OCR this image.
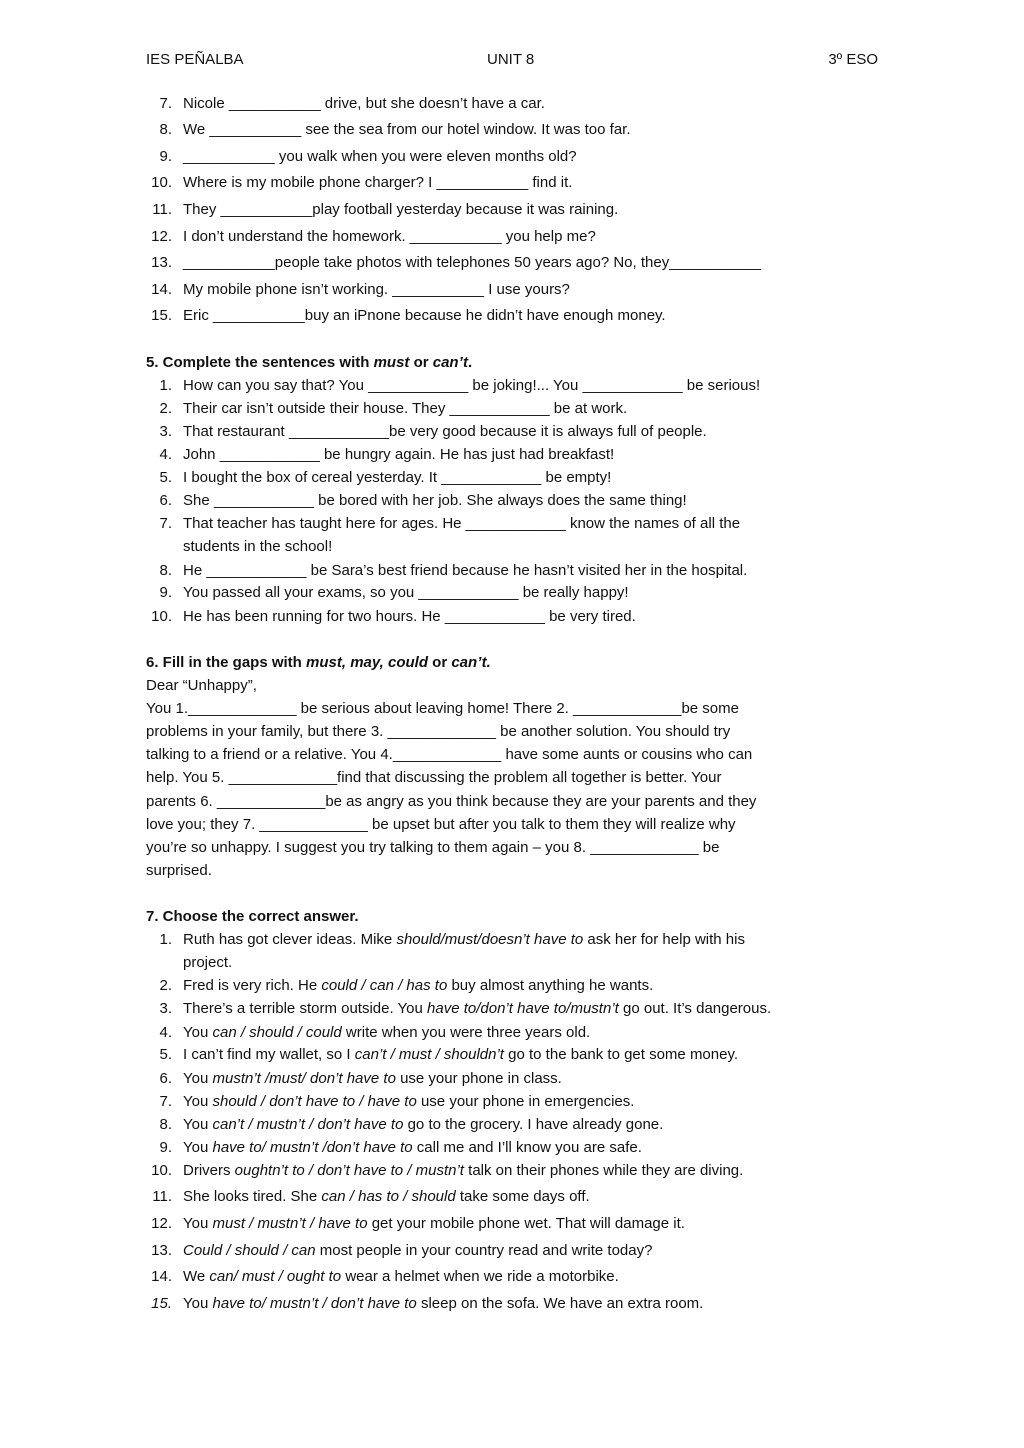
IES PEÑALBA	UNIT 8	3º ESO
7. Nicole ___________ drive, but she doesn’t have a car.
8. We ___________ see the sea from our hotel window. It was too far.
9. ___________ you walk when you were eleven months old?
10. Where is my mobile phone charger? I ___________ find it.
11. They ___________play football yesterday because it was raining.
12. I don’t understand the homework. ___________ you help me?
13. ___________people take photos with telephones 50 years ago? No, they___________
14. My mobile phone isn’t working. ___________ I use yours?
15. Eric ___________buy an iPnone because he didn’t have enough money.
5. Complete the sentences with must or can’t.
1. How can you say that? You ____________ be joking!... You ____________ be serious!
2. Their car isn’t outside their house. They ____________ be at work.
3. That restaurant ____________be very good because it is always full of people.
4. John ____________ be hungry again. He has just had breakfast!
5. I bought the box of cereal yesterday. It ____________ be empty!
6. She ____________ be bored with her job. She always does the same thing!
7. That teacher has taught here for ages. He ____________ know the names of all the
students in the school!
8. He ____________ be Sara’s best friend because he hasn’t visited her in the hospital.
9. You passed all your exams, so you ____________ be really happy!
10. He has been running for two hours. He ____________ be very tired.
6. Fill in the gaps with must, may, could or can’t.
Dear “Unhappy”,
You 1._____________ be serious about leaving home! There 2. _____________be some
problems in your family, but there 3. _____________ be another solution. You should try
talking to a friend or a relative. You 4._____________ have some aunts or cousins who can
help. You 5. _____________find that discussing the problem all together is better. Your
parents 6. _____________be as angry as you think because they are your parents and they
love you; they 7. _____________ be upset but after you talk to them they will realize why
you’re so unhappy. I suggest you try talking to them again – you 8. _____________ be
surprised.
7. Choose the correct answer.
1. Ruth has got clever ideas. Mike should/must/doesn’t have to ask her for help with his
project.
2. Fred is very rich. He could / can / has to buy almost anything he wants.
3. There’s a terrible storm outside. You have to/don’t have to/mustn’t go out. It’s dangerous.
4. You can / should / could write when you were three years old.
5. I can’t find my wallet, so I can’t / must / shouldn’t go to the bank to get some money.
6. You mustn’t /must/ don’t have to use your phone in class.
7. You should / don’t have to / have to use your phone in emergencies.
8. You can’t / mustn’t / don’t have to go to the grocery. I have already gone.
9. You have to/ mustn’t /don’t have to call me and I’ll know you are safe.
10. Drivers oughtn’t to / don’t have to / mustn’t talk on their phones while they are diving.
11. She looks tired. She can / has to / should take some days off.
12. You must / mustn’t / have to get your mobile phone wet. That will damage it.
13. Could / should / can most people in your country read and write today?
14. We can/ must / ought to wear a helmet when we ride a motorbike.
15. You have to/ mustn’t / don’t have to sleep on the sofa. We have an extra room.
